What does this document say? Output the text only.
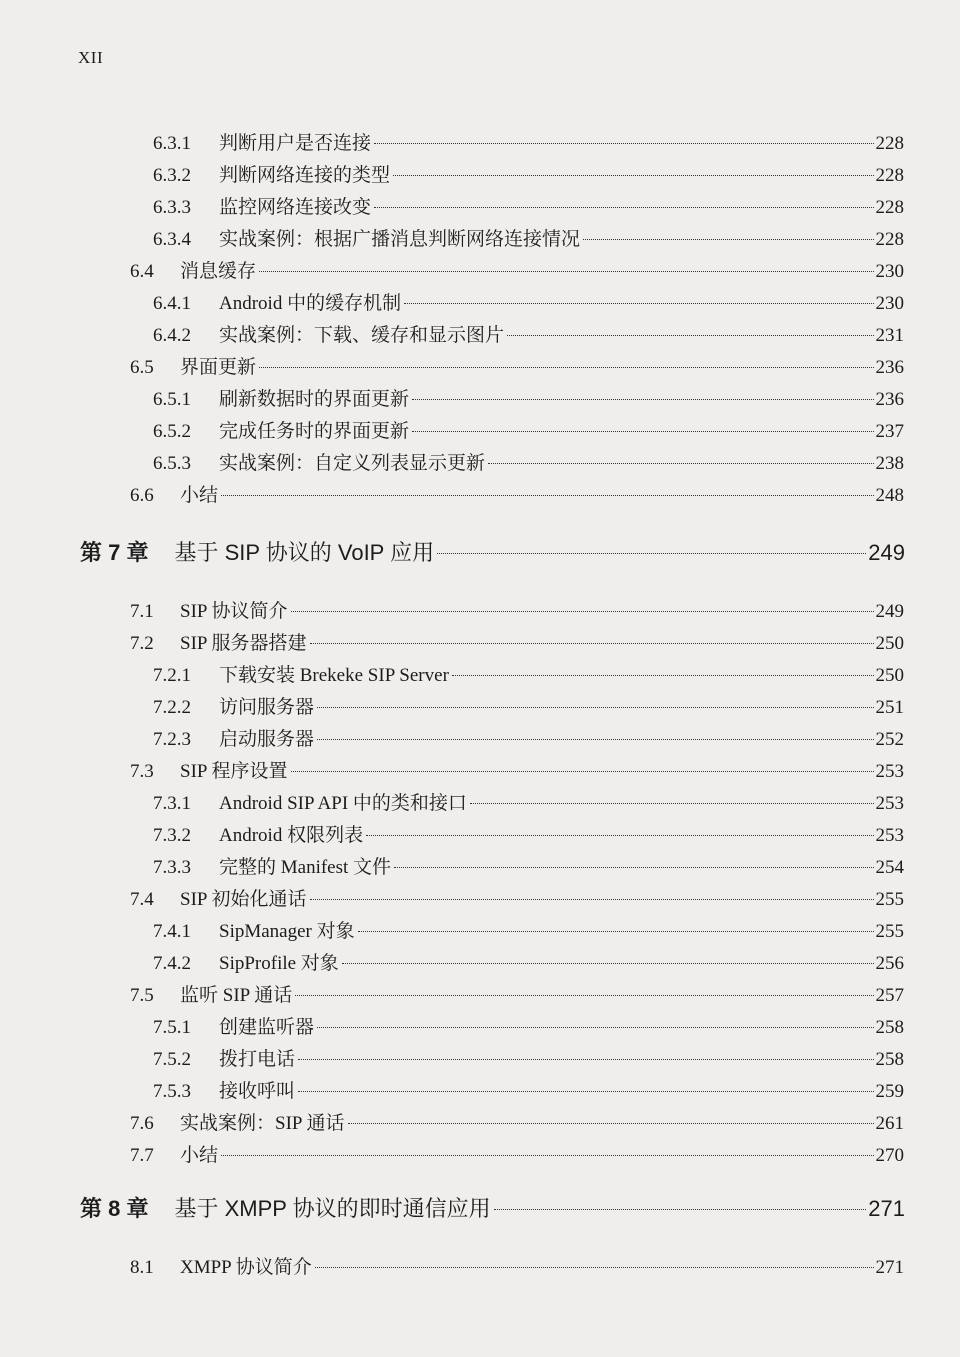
XII
6.3.1	判断用户是否连接	228
6.3.2	判断网络连接的类型	228
6.3.3	监控网络连接改变	228
6.3.4	实战案例：根据广播消息判断网络连接情况	228
6.4 消息缓存	230
6.4.1	Android 中的缓存机制	230
6.4.2	实战案例：下载、缓存和显示图片	231
6.5 界面更新	236
6.5.1	刷新数据时的界面更新	236
6.5.2	完成任务时的界面更新	237
6.5.3	实战案例：自定义列表显示更新	238
6.6 小结	248
第 7 章 基于 SIP 协议的 VoIP 应用	249
7.1 SIP 协议简介	249
7.2 SIP 服务器搭建	250
7.2.1	下载安装 Brekeke SIP Server	250
7.2.2	访问服务器	251
7.2.3	启动服务器	252
7.3 SIP 程序设置	253
7.3.1	Android SIP API 中的类和接口	253
7.3.2	Android 权限列表	253
7.3.3	完整的 Manifest 文件	254
7.4 SIP 初始化通话	255
7.4.1	SipManager 对象	255
7.4.2	SipProfile 对象	256
7.5 监听 SIP 通话	257
7.5.1	创建监听器	258
7.5.2	拨打电话	258
7.5.3	接收呼叫	259
7.6 实战案例：SIP 通话	261
7.7 小结	270
第 8 章 基于 XMPP 协议的即时通信应用	271
8.1 XMPP 协议简介	271
